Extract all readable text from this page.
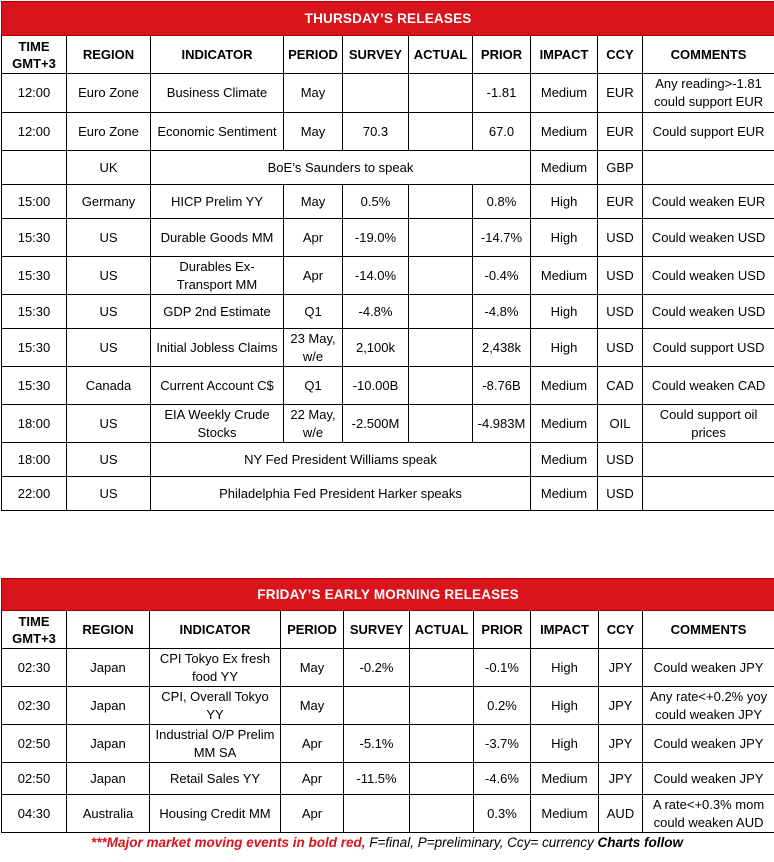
THURSDAY’S RELEASES									
TIME
GMT+3	REGION	INDICATOR	PERIOD	SURVEY	ACTUAL	PRIOR	IMPACT	CCY	COMMENTS
12:00	Euro Zone	Business Climate	May			-1.81	Medium	EUR	Any reading>-1.81 could support EUR
12:00	Euro Zone	Economic Sentiment	May	70.3		67.0	Medium	EUR	Could support EUR
	UK	BoE’s Saunders to speak					Medium	GBP	
15:00	Germany	HICP Prelim YY	May	0.5%		0.8%	High	EUR	Could weaken EUR
15:30	US	Durable Goods MM	Apr	-19.0%		-14.7%	High	USD	Could weaken USD
15:30	US	Durables Ex-Transport MM	Apr	-14.0%		-0.4%	Medium	USD	Could weaken USD
15:30	US	GDP 2nd Estimate	Q1	-4.8%		-4.8%	High	USD	Could weaken USD
15:30	US	Initial Jobless Claims	23 May, w/e	2,100k		2,438k	High	USD	Could support USD
15:30	Canada	Current Account C$	Q1	-10.00B		-8.76B	Medium	CAD	Could weaken CAD
18:00	US	EIA Weekly Crude Stocks	22 May, w/e	-2.500M		-4.983M	Medium	OIL	Could support oil prices
18:00	US	NY Fed President Williams speak					Medium	USD	
22:00	US	Philadelphia Fed President Harker speaks					Medium	USD	
FRIDAY’S EARLY MORNING RELEASES									
TIME
GMT+3	REGION	INDICATOR	PERIOD	SURVEY	ACTUAL	PRIOR	IMPACT	CCY	COMMENTS
02:30	Japan	CPI Tokyo Ex fresh food YY	May	-0.2%		-0.1%	High	JPY	Could weaken JPY
02:30	Japan	CPI, Overall Tokyo YY	May			0.2%	High	JPY	Any rate<+0.2% yoy could weaken JPY
02:50	Japan	Industrial O/P Prelim MM SA	Apr	-5.1%		-3.7%	High	JPY	Could weaken JPY
02:50	Japan	Retail Sales YY	Apr	-11.5%		-4.6%	Medium	JPY	Could weaken JPY
04:30	Australia	Housing Credit MM	Apr			0.3%	Medium	AUD	A rate<+0.3% mom could weaken AUD
***Major market moving events in bold red, F=final, P=preliminary, Ccy= currency Charts follow
